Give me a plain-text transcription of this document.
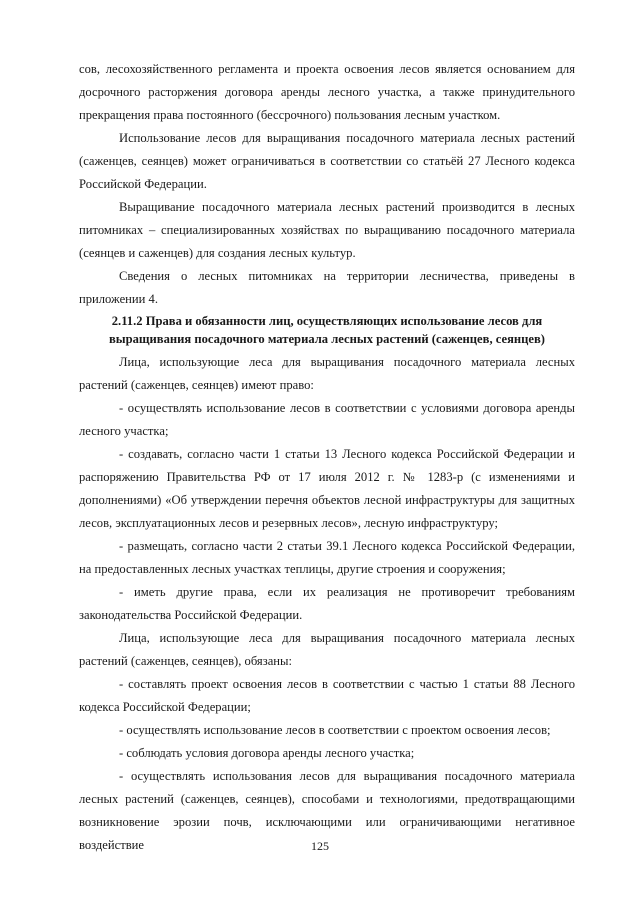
сов, лесохозяйственного регламента и проекта освоения лесов является основанием для досрочного расторжения договора аренды лесного участка, а также принудительного прекращения права постоянного (бессрочного) пользования лесным участком.

Использование лесов для выращивания посадочного материала лесных растений (саженцев, сеянцев) может ограничиваться в соответствии со статьёй 27 Лесного кодекса Российской Федерации.

Выращивание посадочного материала лесных растений производится в лесных питомниках – специализированных хозяйствах по выращиванию посадочного материала (сеянцев и саженцев) для создания лесных культур.

Сведения о лесных питомниках на территории лесничества, приведены в приложении 4.

2.11.2 Права и обязанности лиц, осуществляющих использование лесов для выращивания посадочного материала лесных растений (саженцев, сеянцев)

Лица, использующие леса для выращивания посадочного материала лесных растений (саженцев, сеянцев) имеют право:

- осуществлять использование лесов в соответствии с условиями договора аренды лесного участка;

- создавать, согласно части 1 статьи 13 Лесного кодекса Российской Федерации и распоряжению Правительства РФ от 17 июля 2012 г. № 1283-р (с изменениями и дополнениями) «Об утверждении перечня объектов лесной инфраструктуры для защитных лесов, эксплуатационных лесов и резервных лесов», лесную инфраструктуру;

- размещать, согласно части 2 статьи 39.1 Лесного кодекса Российской Федерации, на предоставленных лесных участках теплицы, другие строения и сооружения;

- иметь другие права, если их реализация не противоречит требованиям законодательства Российской Федерации.

Лица, использующие леса для выращивания посадочного материала лесных растений (саженцев, сеянцев), обязаны:

- составлять проект освоения лесов в соответствии с частью 1 статьи 88 Лесного кодекса Российской Федерации;

- осуществлять использование лесов в соответствии с проектом освоения лесов;

- соблюдать условия договора аренды лесного участка;

- осуществлять использования лесов для выращивания посадочного материала лесных растений (саженцев, сеянцев), способами и технологиями, предотвращающими возникновение эрозии почв, исключающими или ограничивающими негативное воздействие	125
